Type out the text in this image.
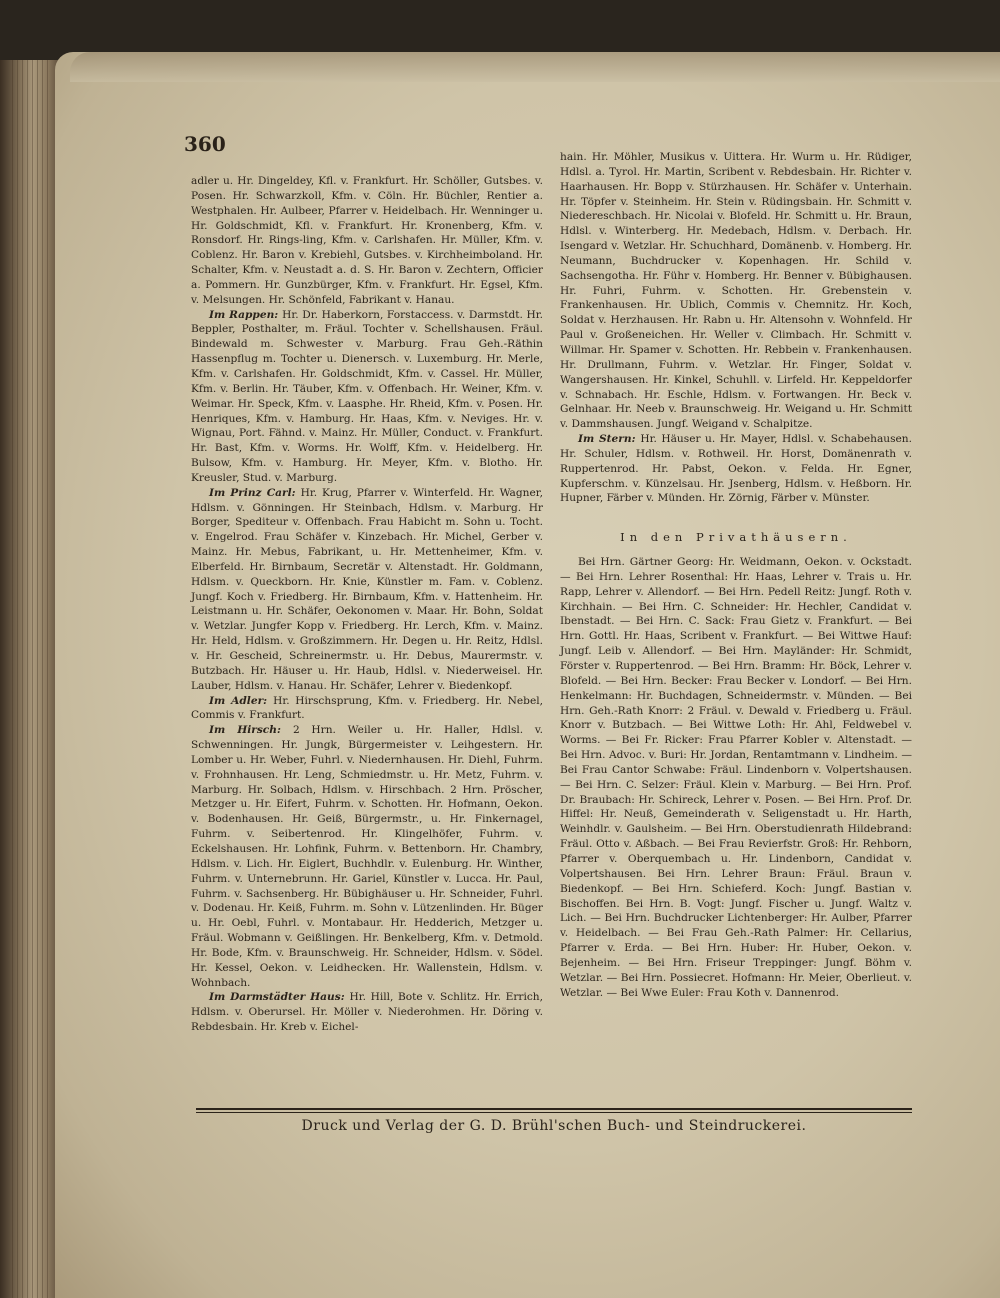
360

adler u. Hr. Dingeldey, Kfl. v. Frankfurt. Hr. Schöller, Gutsbes. v. Posen. Hr. Schwarzkoll, Kfm. v. Cöln. Hr. Büchler, Rentier a. Westphalen. Hr. Aulbeer, Pfarrer v. Heidelbach. Hr. Wenninger u. Hr. Goldschmidt, Kfl. v. Frankfurt. Hr. Kronenberg, Kfm. v. Ronsdorf. Hr. Rings-ling, Kfm. v. Carlshafen. Hr. Müller, Kfm. v. Coblenz. Hr. Baron v. Krebiehl, Gutsbes. v. Kirchheimboland. Hr. Schalter, Kfm. v. Neustadt a. d. S. Hr. Baron v. Zechtern, Officier a. Pommern. Hr. Gunzbürger, Kfm. v. Frankfurt. Hr. Egsel, Kfm. v. Melsungen. Hr. Schönfeld, Fabrikant v. Hanau.

Im Rappen: Hr. Dr. Haberkorn, Forstaccess. v. Darmstdt. Hr. Beppler, Posthalter, m. Fräul. Tochter v. Schellshausen. Fräul. Bindewald m. Schwester v. Marburg. Frau Geh.-Räthin Hassenpflug m. Tochter u. Dienersch. v. Luxemburg. Hr. Merle, Kfm. v. Carlshafen. Hr. Goldschmidt, Kfm. v. Cassel. Hr. Müller, Kfm. v. Berlin. Hr. Täuber, Kfm. v. Offenbach. Hr. Weiner, Kfm. v. Weimar. Hr. Speck, Kfm. v. Laasphe. Hr. Rheid, Kfm. v. Posen. Hr. Henriques, Kfm. v. Hamburg. Hr. Haas, Kfm. v. Neviges. Hr. v. Wignau, Port. Fähnd. v. Mainz. Hr. Müller, Conduct. v. Frankfurt. Hr. Bast, Kfm. v. Worms. Hr. Wolff, Kfm. v. Heidelberg. Hr. Bulsow, Kfm. v. Hamburg. Hr. Meyer, Kfm. v. Blotho. Hr. Kreusler, Stud. v. Marburg.

Im Prinz Carl: Hr. Krug, Pfarrer v. Winterfeld. Hr. Wagner, Hdlsm. v. Gönningen. Hr Steinbach, Hdlsm. v. Marburg. Hr Borger, Spediteur v. Offenbach. Frau Habicht m. Sohn u. Tocht. v. Engelrod. Frau Schäfer v. Kinzebach. Hr. Michel, Gerber v. Mainz. Hr. Mebus, Fabrikant, u. Hr. Mettenheimer, Kfm. v. Elberfeld. Hr. Birnbaum, Secretär v. Altenstadt. Hr. Goldmann, Hdlsm. v. Queckborn. Hr. Knie, Künstler m. Fam. v. Coblenz. Jungf. Koch v. Friedberg. Hr. Birnbaum, Kfm. v. Hattenheim. Hr. Leistmann u. Hr. Schäfer, Oekonomen v. Maar. Hr. Bohn, Soldat v. Wetzlar. Jungfer Kopp v. Friedberg. Hr. Lerch, Kfm. v. Mainz. Hr. Held, Hdlsm. v. Großzimmern. Hr. Degen u. Hr. Reitz, Hdlsl. v. Hr. Gescheid, Schreinermstr. u. Hr. Debus, Maurermstr. v. Butzbach. Hr. Häuser u. Hr. Haub, Hdlsl. v. Niederweisel. Hr. Lauber, Hdlsm. v. Hanau. Hr. Schäfer, Lehrer v. Biedenkopf.

Im Adler: Hr. Hirschsprung, Kfm. v. Friedberg. Hr. Nebel, Commis v. Frankfurt.

Im Hirsch: 2 Hrn. Weiler u. Hr. Haller, Hdlsl. v. Schwenningen. Hr. Jungk, Bürgermeister v. Leihgestern. Hr. Lomber u. Hr. Weber, Fuhrl. v. Niedernhausen. Hr. Diehl, Fuhrm. v. Frohnhausen. Hr. Leng, Schmiedmstr. u. Hr. Metz, Fuhrm. v. Marburg. Hr. Solbach, Hdlsm. v. Hirschbach. 2 Hrn. Pröscher, Metzger u. Hr. Eifert, Fuhrm. v. Schotten. Hr. Hofmann, Oekon. v. Bodenhausen. Hr. Geiß, Bürgermstr., u. Hr. Finkernagel, Fuhrm. v. Seibertenrod. Hr. Klingelhöfer, Fuhrm. v. Eckelshausen. Hr. Lohfink, Fuhrm. v. Bettenborn. Hr. Chambry, Hdlsm. v. Lich. Hr. Eiglert, Buchhdlr. v. Eulenburg. Hr. Winther, Fuhrm. v. Unternebrunn. Hr. Gariel, Künstler v. Lucca. Hr. Paul, Fuhrm. v. Sachsenberg. Hr. Bübighäuser u. Hr. Schneider, Fuhrl. v. Dodenau. Hr. Keiß, Fuhrm. m. Sohn v. Lützenlinden. Hr. Büger u. Hr. Oebl, Fuhrl. v. Montabaur. Hr. Hedderich, Metzger u. Fräul. Wobmann v. Geißlingen. Hr. Benkelberg, Kfm. v. Detmold. Hr. Bode, Kfm. v. Braunschweig. Hr. Schneider, Hdlsm. v. Södel. Hr. Kessel, Oekon. v. Leidhecken. Hr. Wallenstein, Hdlsm. v. Wohnbach.

Im Darmstädter Haus: Hr. Hill, Bote v. Schlitz. Hr. Errich, Hdlsm. v. Oberursel. Hr. Möller v. Niederohmen. Hr. Döring v. Rebdesbain. Hr. Kreb v. Eichel-

hain. Hr. Möhler, Musikus v. Uittera. Hr. Wurm u. Hr. Rüdiger, Hdlsl. a. Tyrol. Hr. Martin, Scribent v. Rebdesbain. Hr. Richter v. Haarhausen. Hr. Bopp v. Stürzhausen. Hr. Schäfer v. Unterhain. Hr. Töpfer v. Steinheim. Hr. Stein v. Rüdingsbain. Hr. Schmitt v. Niedereschbach. Hr. Nicolai v. Blofeld. Hr. Schmitt u. Hr. Braun, Hdlsl. v. Winterberg. Hr. Medebach, Hdlsm. v. Derbach. Hr. Isengard v. Wetzlar. Hr. Schuchhard, Domänenb. v. Homberg. Hr. Neumann, Buchdrucker v. Kopenhagen. Hr. Schild v. Sachsengotha. Hr. Führ v. Homberg. Hr. Benner v. Bübighausen. Hr. Fuhri, Fuhrm. v. Schotten. Hr. Grebenstein v. Frankenhausen. Hr. Ublich, Commis v. Chemnitz. Hr. Koch, Soldat v. Herzhausen. Hr. Rabn u. Hr. Altensohn v. Wohnfeld. Hr Paul v. Großeneichen. Hr. Weller v. Climbach. Hr. Schmitt v. Willmar. Hr. Spamer v. Schotten. Hr. Rebbein v. Frankenhausen. Hr. Drullmann, Fuhrm. v. Wetzlar. Hr. Finger, Soldat v. Wangershausen. Hr. Kinkel, Schuhll. v. Lirfeld. Hr. Keppeldorfer v. Schnabach. Hr. Eschle, Hdlsm. v. Fortwangen. Hr. Beck v. Gelnhaar. Hr. Neeb v. Braunschweig. Hr. Weigand u. Hr. Schmitt v. Dammshausen. Jungf. Weigand v. Schalpitze.

Im Stern: Hr. Häuser u. Hr. Mayer, Hdlsl. v. Schabehausen. Hr. Schuler, Hdlsm. v. Rothweil. Hr. Horst, Domänenrath v. Ruppertenrod. Hr. Pabst, Oekon. v. Felda. Hr. Egner, Kupferschm. v. Künzelsau. Hr. Jsenberg, Hdlsm. v. Heßborn. Hr. Hupner, Färber v. Münden. Hr. Zörnig, Färber v. Münster.

In den Privathäusern.

Bei Hrn. Gärtner Georg: Hr. Weidmann, Oekon. v. Ockstadt. — Bei Hrn. Lehrer Rosenthal: Hr. Haas, Lehrer v. Trais u. Hr. Rapp, Lehrer v. Allendorf. — Bei Hrn. Pedell Reitz: Jungf. Roth v. Kirchhain. — Bei Hrn. C. Schneider: Hr. Hechler, Candidat v. Ibenstadt. — Bei Hrn. C. Sack: Frau Gietz v. Frankfurt. — Bei Hrn. Gottl. Hr. Haas, Scribent v. Frankfurt. — Bei Wittwe Hauf: Jungf. Leib v. Allendorf. — Bei Hrn. Mayländer: Hr. Schmidt, Förster v. Ruppertenrod. — Bei Hrn. Bramm: Hr. Böck, Lehrer v. Blofeld. — Bei Hrn. Becker: Frau Becker v. Londorf. — Bei Hrn. Henkelmann: Hr. Buchdagen, Schneidermstr. v. Münden. — Bei Hrn. Geh.-Rath Knorr: 2 Fräul. v. Dewald v. Friedberg u. Fräul. Knorr v. Butzbach. — Bei Wittwe Loth: Hr. Ahl, Feldwebel v. Worms. — Bei Fr. Ricker: Frau Pfarrer Kobler v. Altenstadt. — Bei Hrn. Advoc. v. Buri: Hr. Jordan, Rentamtmann v. Lindheim. — Bei Frau Cantor Schwabe: Fräul. Lindenborn v. Volpertshausen. — Bei Hrn. C. Selzer: Fräul. Klein v. Marburg. — Bei Hrn. Prof. Dr. Braubach: Hr. Schireck, Lehrer v. Posen. — Bei Hrn. Prof. Dr. Hiffel: Hr. Neuß, Gemeinderath v. Seligenstadt u. Hr. Harth, Weinhdlr. v. Gaulsheim. — Bei Hrn. Oberstudienrath Hildebrand: Fräul. Otto v. Aßbach. — Bei Frau Revierfstr. Groß: Hr. Rehborn, Pfarrer v. Oberquembach u. Hr. Lindenborn, Candidat v. Volpertshausen. Bei Hrn. Lehrer Braun: Fräul. Braun v. Biedenkopf. — Bei Hrn. Schieferd. Koch: Jungf. Bastian v. Bischoffen. Bei Hrn. B. Vogt: Jungf. Fischer u. Jungf. Waltz v. Lich. — Bei Hrn. Buchdrucker Lichtenberger: Hr. Aulber, Pfarrer v. Heidelbach. — Bei Frau Geh.-Rath Palmer: Hr. Cellarius, Pfarrer v. Erda. — Bei Hrn. Huber: Hr. Huber, Oekon. v. Bejenheim. — Bei Hrn. Friseur Treppinger: Jungf. Böhm v. Wetzlar. — Bei Hrn. Possiecret. Hofmann: Hr. Meier, Oberlieut. v. Wetzlar. — Bei Wwe Euler: Frau Koth v. Dannenrod.

Druck und Verlag der G. D. Brühl'schen Buch- und Steindruckerei.
